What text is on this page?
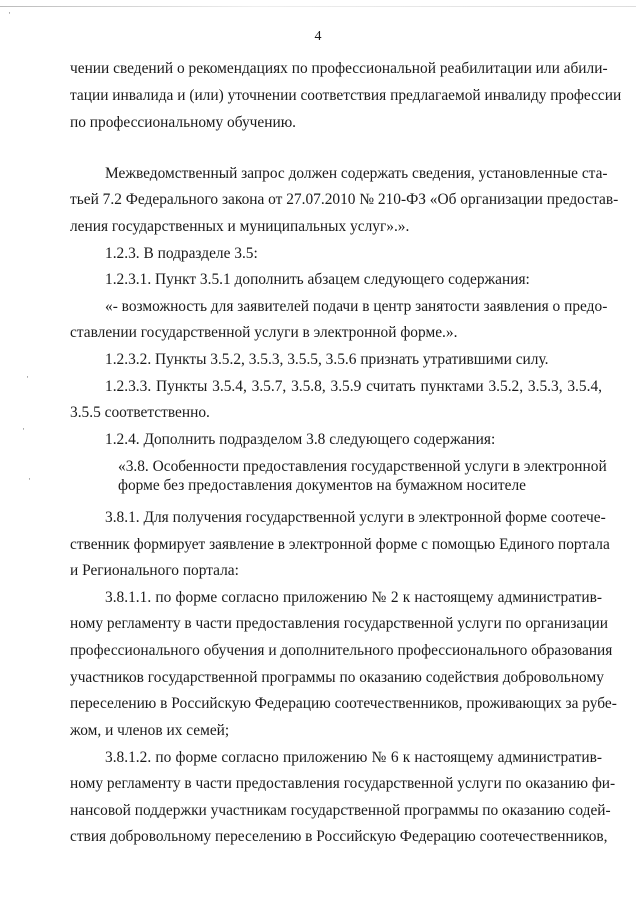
·
·
·
·
4
чении сведений о рекомендациях по профессиональной реабилитации или абили-
тации инвалида и (или) уточнении соответствия предлагаемой инвалиду профессии
по профессиональному обучению.
Межведомственный запрос должен содержать сведения, установленные ста-
тьей 7.2 Федерального закона от 27.07.2010 № 210-ФЗ «Об организации предостав-
ления государственных и муниципальных услуг».».
1.2.3. В подразделе 3.5:
1.2.3.1. Пункт 3.5.1 дополнить абзацем следующего содержания:
«- возможность для заявителей подачи в центр занятости заявления о предо-
ставлении государственной услуги в электронной форме.».
1.2.3.2. Пункты 3.5.2, 3.5.3, 3.5.5, 3.5.6 признать утратившими силу.
1.2.3.3. Пункты 3.5.4, 3.5.7, 3.5.8, 3.5.9 считать пунктами 3.5.2, 3.5.3, 3.5.4,
3.5.5 соответственно.
1.2.4. Дополнить подразделом 3.8 следующего содержания:
«3.8. Особенности предоставления государственной услуги в электронной
форме без предоставления документов на бумажном носителе
3.8.1. Для получения государственной услуги в электронной форме соотече-
ственник формирует заявление в электронной форме с помощью Единого портала
и Регионального портала:
3.8.1.1. по форме согласно приложению № 2 к настоящему административ-
ному регламенту в части предоставления государственной услуги по организации
профессионального обучения и дополнительного профессионального образования
участников государственной программы по оказанию содействия добровольному
переселению в Российскую Федерацию соотечественников, проживающих за рубе-
жом, и членов их семей;
3.8.1.2. по форме согласно приложению № 6 к настоящему административ-
ному регламенту в части предоставления государственной услуги по оказанию фи-
нансовой поддержки участникам государственной программы по оказанию содей-
ствия добровольному переселению в Российскую Федерацию соотечественников,
